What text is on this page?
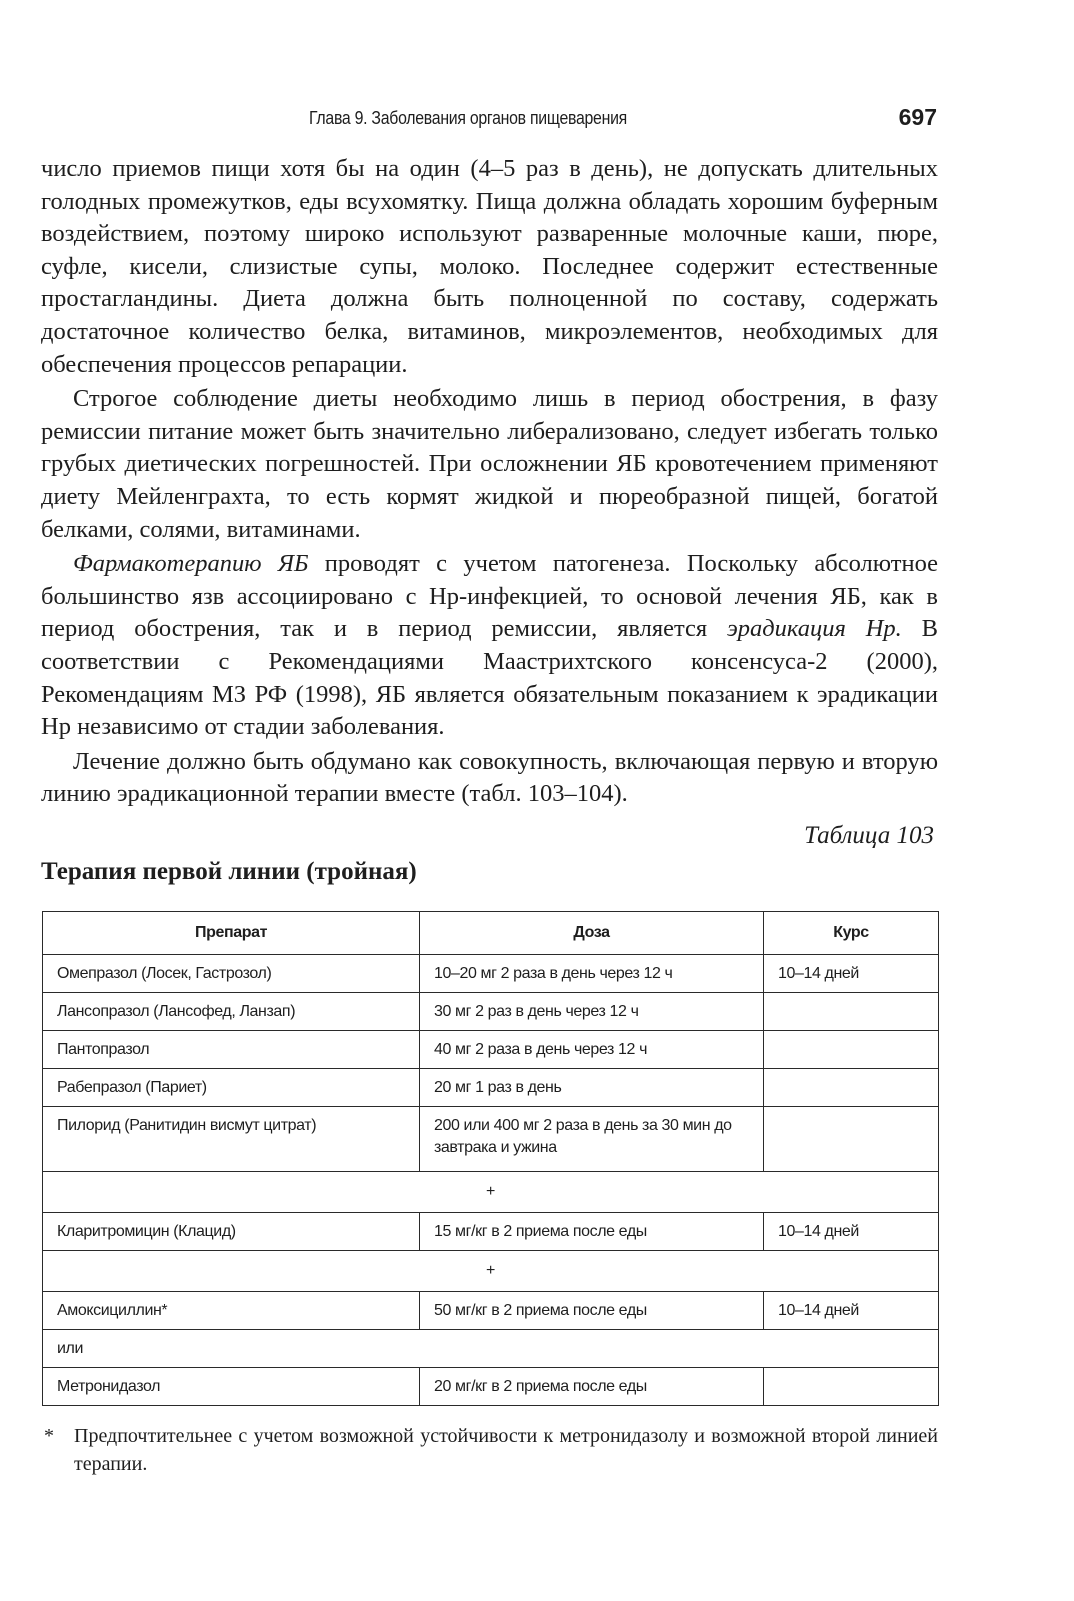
Глава 9. Заболевания органов пищеварения	697

число приемов пищи хотя бы на один (4–5 раз в день), не допускать длительных голодных промежутков, еды всухомятку. Пища должна обладать хорошим буферным воздействием, поэтому широко используют разваренные молочные каши, пюре, суфле, кисели, слизистые супы, молоко. Последнее содержит естественные простагландины. Диета должна быть полноценной по составу, содержать достаточное количество белка, витаминов, микроэлементов, необходимых для обеспечения процессов репарации.

Строгое соблюдение диеты необходимо лишь в период обострения, в фазу ремиссии питание может быть значительно либерализовано, следует избегать только грубых диетических погрешностей. При осложнении ЯБ кровотечением применяют диету Мейленграхта, то есть кормят жидкой и пюреобразной пищей, богатой белками, солями, витаминами.

Фармакотерапию ЯБ проводят с учетом патогенеза. Поскольку абсолютное большинство язв ассоциировано с Hp-инфекцией, то основой лечения ЯБ, как в период обострения, так и в период ремиссии, является эрадикация Hp. В соответствии с Рекомендациями Маастрихтского консенсуса-2 (2000), Рекомендациям МЗ РФ (1998), ЯБ является обязательным показанием к эрадикации Hp независимо от стадии заболевания.

Лечение должно быть обдумано как совокупность, включающая первую и вторую линию эрадикационной терапии вместе (табл. 103–104).

Таблица 103
Терапия первой линии (тройная)
Препарат	Доза	Курс
Омепразол (Лосек, Гастрозол)	10–20 мг 2 раза в день через 12 ч	10–14 дней
Лансопразол (Лансофед, Ланзап)	30 мг 2 раз в день через 12 ч	
Пантопразол	40 мг 2 раза в день через 12 ч	
Рабепразол (Париет)	20 мг 1 раз в день	
Пилорид (Ранитидин висмут цитрат)	200 или 400 мг 2 раза в день за 30 мин до завтрака и ужина	
+		
Кларитромицин (Клацид)	15 мг/кг в 2 приема после еды	10–14 дней
+		
Амоксициллин*	50 мг/кг в 2 приема после еды	10–14 дней
или		
Метронидазол	20 мг/кг в 2 приема после еды	
* Предпочтительнее с учетом возможной устойчивости к метронидазолу и возможной второй линией терапии.
